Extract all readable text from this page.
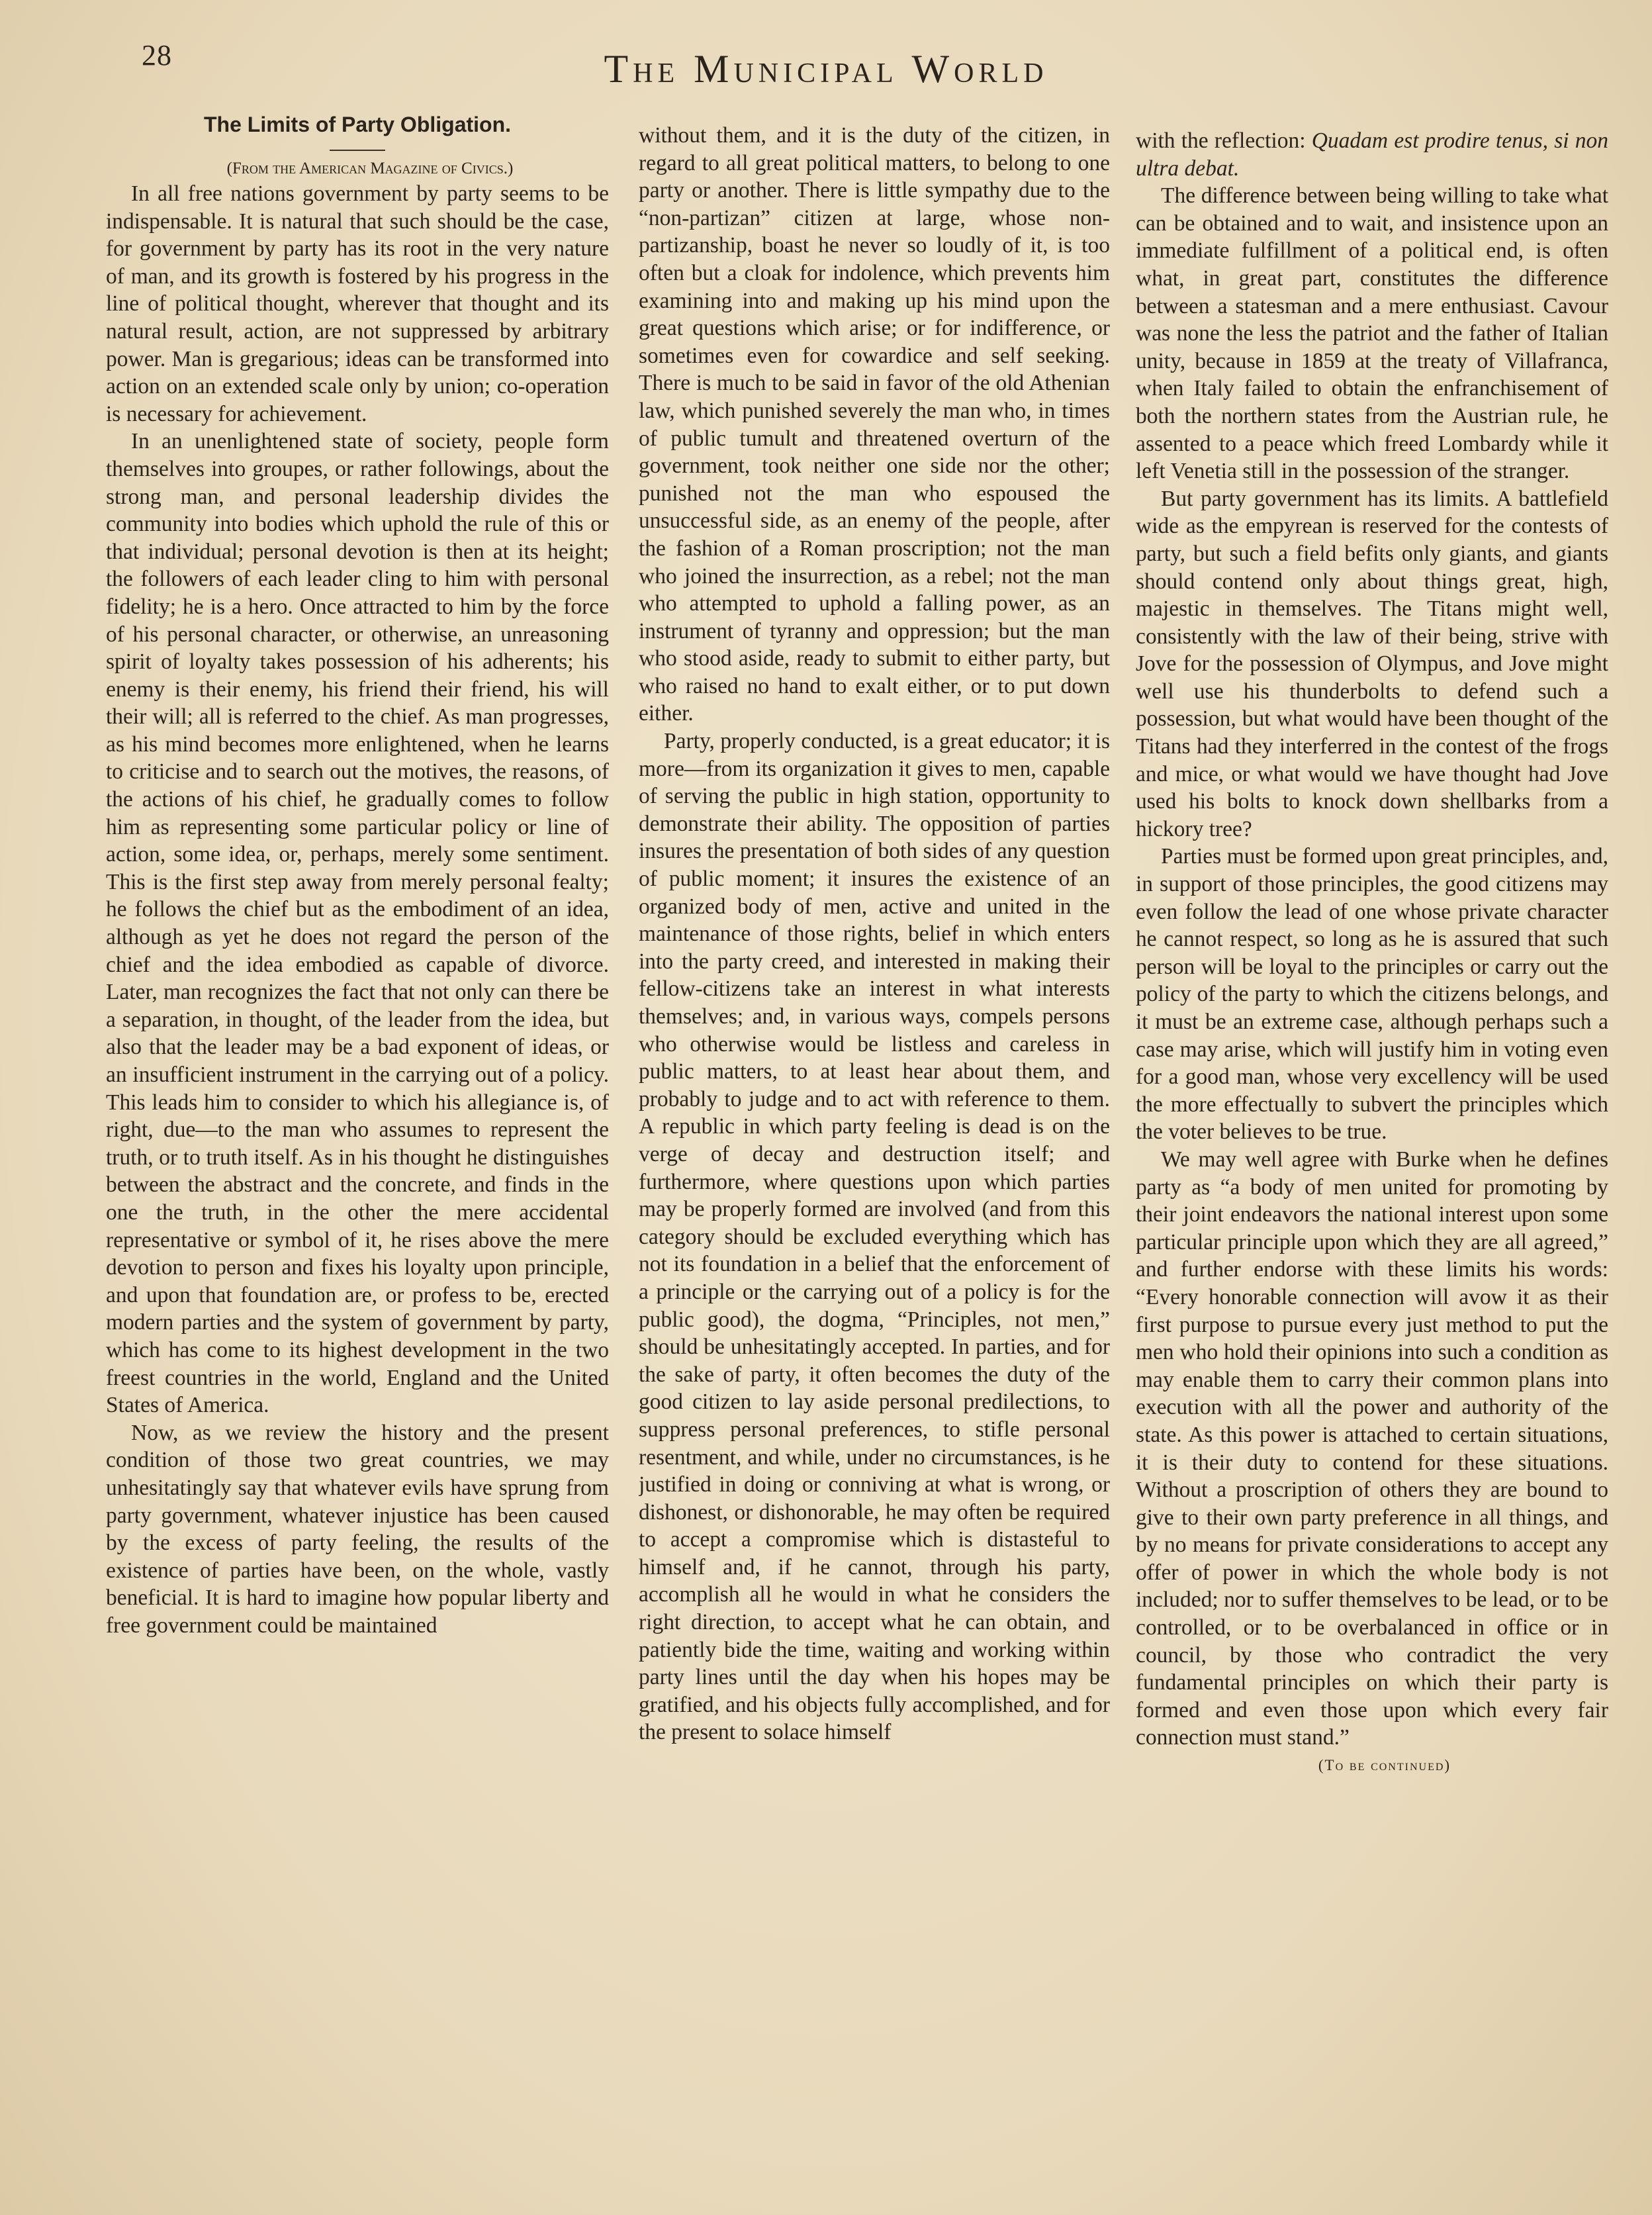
28	The Municipal World
The Limits of Party Obligation.

(From the American Magazine of Civics.)

In all free nations government by party seems to be indispensable. It is natural that such should be the case, for government by party has its root in the very nature of man, and its growth is fostered by his progress in the line of political thought, wherever that thought and its natural result, action, are not suppressed by arbitrary power. Man is gregarious; ideas can be transformed into action on an extended scale only by union; co-operation is necessary for achievement.

In an unenlightened state of society, people form themselves into groupes, or rather followings, about the strong man, and personal leadership divides the community into bodies which uphold the rule of this or that individual; personal devotion is then at its height; the followers of each leader cling to him with personal fidelity; he is a hero. Once attracted to him by the force of his personal character, or otherwise, an unreasoning spirit of loyalty takes possession of his adherents; his enemy is their enemy, his friend their friend, his will their will; all is referred to the chief. As man progresses, as his mind becomes more enlightened, when he learns to criticise and to search out the motives, the reasons, of the actions of his chief, he gradually comes to follow him as representing some particular policy or line of action, some idea, or, perhaps, merely some sentiment. This is the first step away from merely personal fealty; he follows the chief but as the embodiment of an idea, although as yet he does not regard the person of the chief and the idea embodied as capable of divorce. Later, man recognizes the fact that not only can there be a separation, in thought, of the leader from the idea, but also that the leader may be a bad exponent of ideas, or an insufficient instrument in the carrying out of a policy. This leads him to consider to which his allegiance is, of right, due—to the man who assumes to represent the truth, or to truth itself. As in his thought he distinguishes between the abstract and the concrete, and finds in the one the truth, in the other the mere accidental representative or symbol of it, he rises above the mere devotion to person and fixes his loyalty upon principle, and upon that foundation are, or profess to be, erected modern parties and the system of government by party, which has come to its highest development in the two freest countries in the world, England and the United States of America.

Now, as we review the history and the present condition of those two great countries, we may unhesitatingly say that whatever evils have sprung from party government, whatever injustice has been caused by the excess of party feeling, the results of the existence of parties have been, on the whole, vastly beneficial. It is hard to imagine how popular liberty and free government could be maintained

without them, and it is the duty of the citizen, in regard to all great political matters, to belong to one party or another. There is little sympathy due to the “non-partizan” citizen at large, whose non-partizanship, boast he never so loudly of it, is too often but a cloak for indolence, which prevents him examining into and making up his mind upon the great questions which arise; or for indifference, or sometimes even for cowardice and self seeking. There is much to be said in favor of the old Athenian law, which punished severely the man who, in times of public tumult and threatened overturn of the government, took neither one side nor the other; punished not the man who espoused the unsuccessful side, as an enemy of the people, after the fashion of a Roman proscription; not the man who joined the insurrection, as a rebel; not the man who attempted to uphold a falling power, as an instrument of tyranny and oppression; but the man who stood aside, ready to submit to either party, but who raised no hand to exalt either, or to put down either.

Party, properly conducted, is a great educator; it is more—from its organization it gives to men, capable of serving the public in high station, opportunity to demonstrate their ability. The opposition of parties insures the presentation of both sides of any question of public moment; it insures the existence of an organized body of men, active and united in the maintenance of those rights, belief in which enters into the party creed, and interested in making their fellow-citizens take an interest in what interests themselves; and, in various ways, compels persons who otherwise would be listless and careless in public matters, to at least hear about them, and probably to judge and to act with reference to them. A republic in which party feeling is dead is on the verge of decay and destruction itself; and furthermore, where questions upon which parties may be properly formed are involved (and from this category should be excluded everything which has not its foundation in a belief that the enforcement of a principle or the carrying out of a policy is for the public good), the dogma, “Principles, not men,” should be unhesitatingly accepted. In parties, and for the sake of party, it often becomes the duty of the good citizen to lay aside personal predilections, to suppress personal preferences, to stifle personal resentment, and while, under no circumstances, is he justified in doing or conniving at what is wrong, or dishonest, or dishonorable, he may often be required to accept a compromise which is distasteful to himself and, if he cannot, through his party, accomplish all he would in what he considers the right direction, to accept what he can obtain, and patiently bide the time, waiting and working within party lines until the day when his hopes may be gratified, and his objects fully accomplished, and for the present to solace himself

with the reflection: Quadam est prodire tenus, si non ultra debat.

The difference between being willing to take what can be obtained and to wait, and insistence upon an immediate fulfillment of a political end, is often what, in great part, constitutes the difference between a statesman and a mere enthusiast. Cavour was none the less the patriot and the father of Italian unity, because in 1859 at the treaty of Villafranca, when Italy failed to obtain the enfranchisement of both the northern states from the Austrian rule, he assented to a peace which freed Lombardy while it left Venetia still in the possession of the stranger.

But party government has its limits. A battlefield wide as the empyrean is reserved for the contests of party, but such a field befits only giants, and giants should contend only about things great, high, majestic in themselves. The Titans might well, consistently with the law of their being, strive with Jove for the possession of Olympus, and Jove might well use his thunderbolts to defend such a possession, but what would have been thought of the Titans had they interferred in the contest of the frogs and mice, or what would we have thought had Jove used his bolts to knock down shellbarks from a hickory tree?

Parties must be formed upon great principles, and, in support of those principles, the good citizens may even follow the lead of one whose private character he cannot respect, so long as he is assured that such person will be loyal to the principles or carry out the policy of the party to which the citizens belongs, and it must be an extreme case, although perhaps such a case may arise, which will justify him in voting even for a good man, whose very excellency will be used the more effectually to subvert the principles which the voter believes to be true.

We may well agree with Burke when he defines party as “a body of men united for promoting by their joint endeavors the national interest upon some particular principle upon which they are all agreed,” and further endorse with these limits his words: “Every honorable connection will avow it as their first purpose to pursue every just method to put the men who hold their opinions into such a condition as may enable them to carry their common plans into execution with all the power and authority of the state. As this power is attached to certain situations, it is their duty to contend for these situations. Without a proscription of others they are bound to give to their own party preference in all things, and by no means for private considerations to accept any offer of power in which the whole body is not included; nor to suffer themselves to be lead, or to be controlled, or to be overbalanced in office or in council, by those who contradict the very fundamental principles on which their party is formed and even those upon which every fair connection must stand.”

(To be continued)
